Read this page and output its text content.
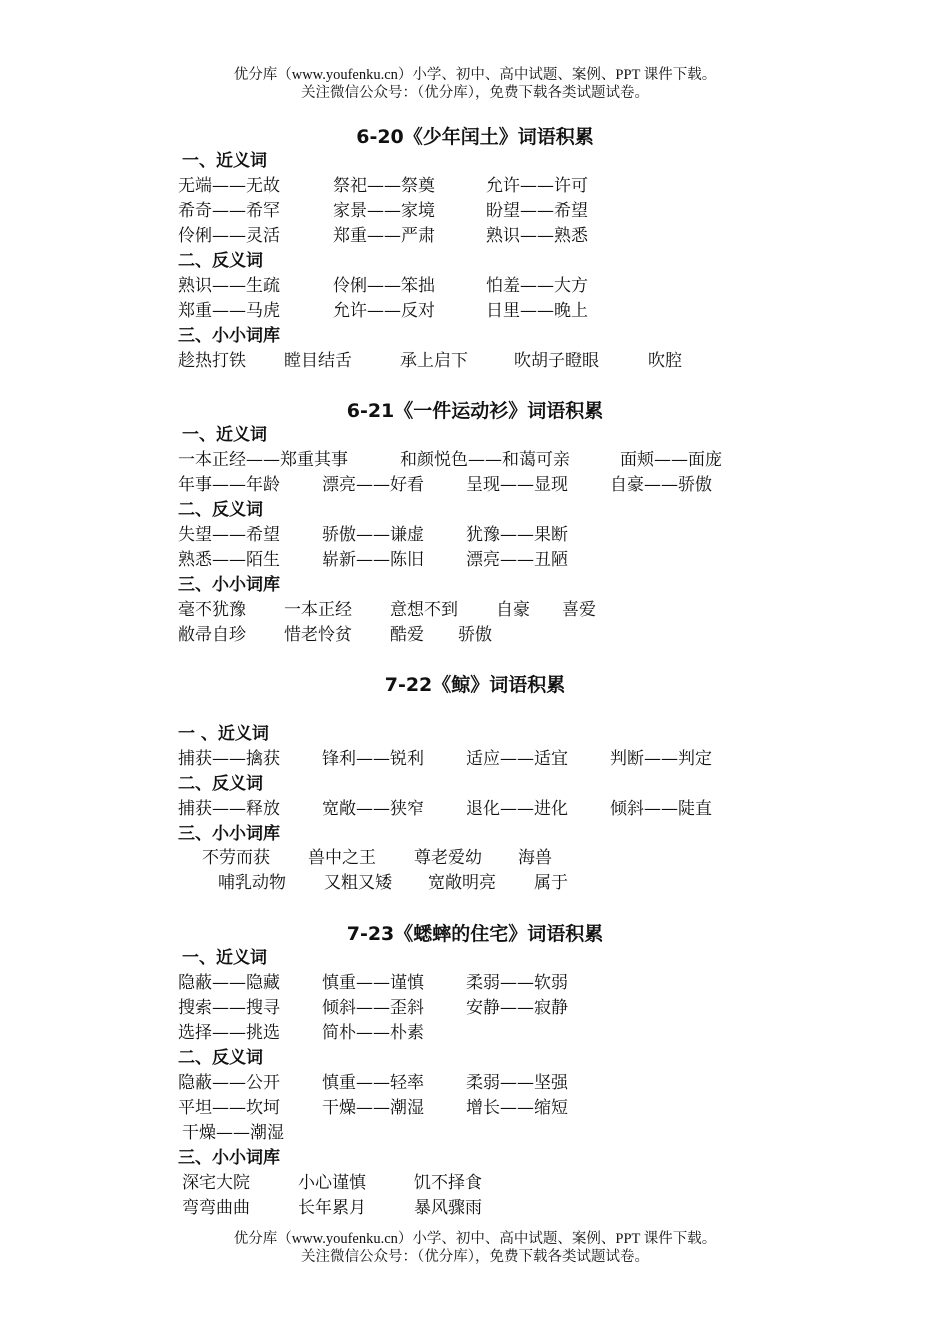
优分库（www.youfenku.cn）小学、初中、高中试题、案例、PPT 课件下载。
关注微信公众号：（优分库），免费下载各类试题试卷。
6-20《少年闰土》词语积累
一、近义词
无端——无故	祭祀——祭奠	允许——许可
希奇——希罕	家景——家境	盼望——希望
伶俐——灵活	郑重——严肃	熟识——熟悉
二、反义词
熟识——生疏	伶俐——笨拙	怕羞——大方
郑重——马虎	允许——反对	日里——晚上
三、小小词库
趁热打铁 瞠目结舌	承上启下	吹胡子瞪眼	吹腔
6-21《一件运动衫》词语积累
一、近义词
一本正经——郑重其事	和颜悦色——和蔼可亲	面颊——面庞
年事——年龄 漂亮——好看 呈现——显现 自豪——骄傲
二、反义词
失望——希望 骄傲——谦虚 犹豫——果断
熟悉——陌生 崭新——陈旧 漂亮——丑陋
三、小小词库
毫不犹豫 一本正经 意想不到 自豪 喜爱
敝帚自珍 惜老怜贫 酷爱 骄傲
7-22《鲸》词语积累
一 、近义词
捕获——擒获 锋利——锐利 适应——适宜 判断——判定
二、反义词
捕获——释放 宽敞——狭窄 退化——进化 倾斜——陡直
三、小小词库
不劳而获 兽中之王 尊老爱幼 海兽
哺乳动物 又粗又矮 宽敞明亮 属于
7-23《蟋蟀的住宅》词语积累
一、近义词
隐蔽——隐藏 慎重——谨慎 柔弱——软弱
搜索——搜寻 倾斜——歪斜 安静——寂静
选择——挑选 简朴——朴素
二、反义词
隐蔽——公开 慎重——轻率 柔弱——坚强
平坦——坎坷 干燥——潮湿 增长——缩短
干燥——潮湿
三、小小词库
深宅大院	小心谨慎	饥不择食
弯弯曲曲	长年累月	暴风骤雨
优分库（www.youfenku.cn）小学、初中、高中试题、案例、PPT 课件下载。
关注微信公众号：（优分库），免费下载各类试题试卷。
